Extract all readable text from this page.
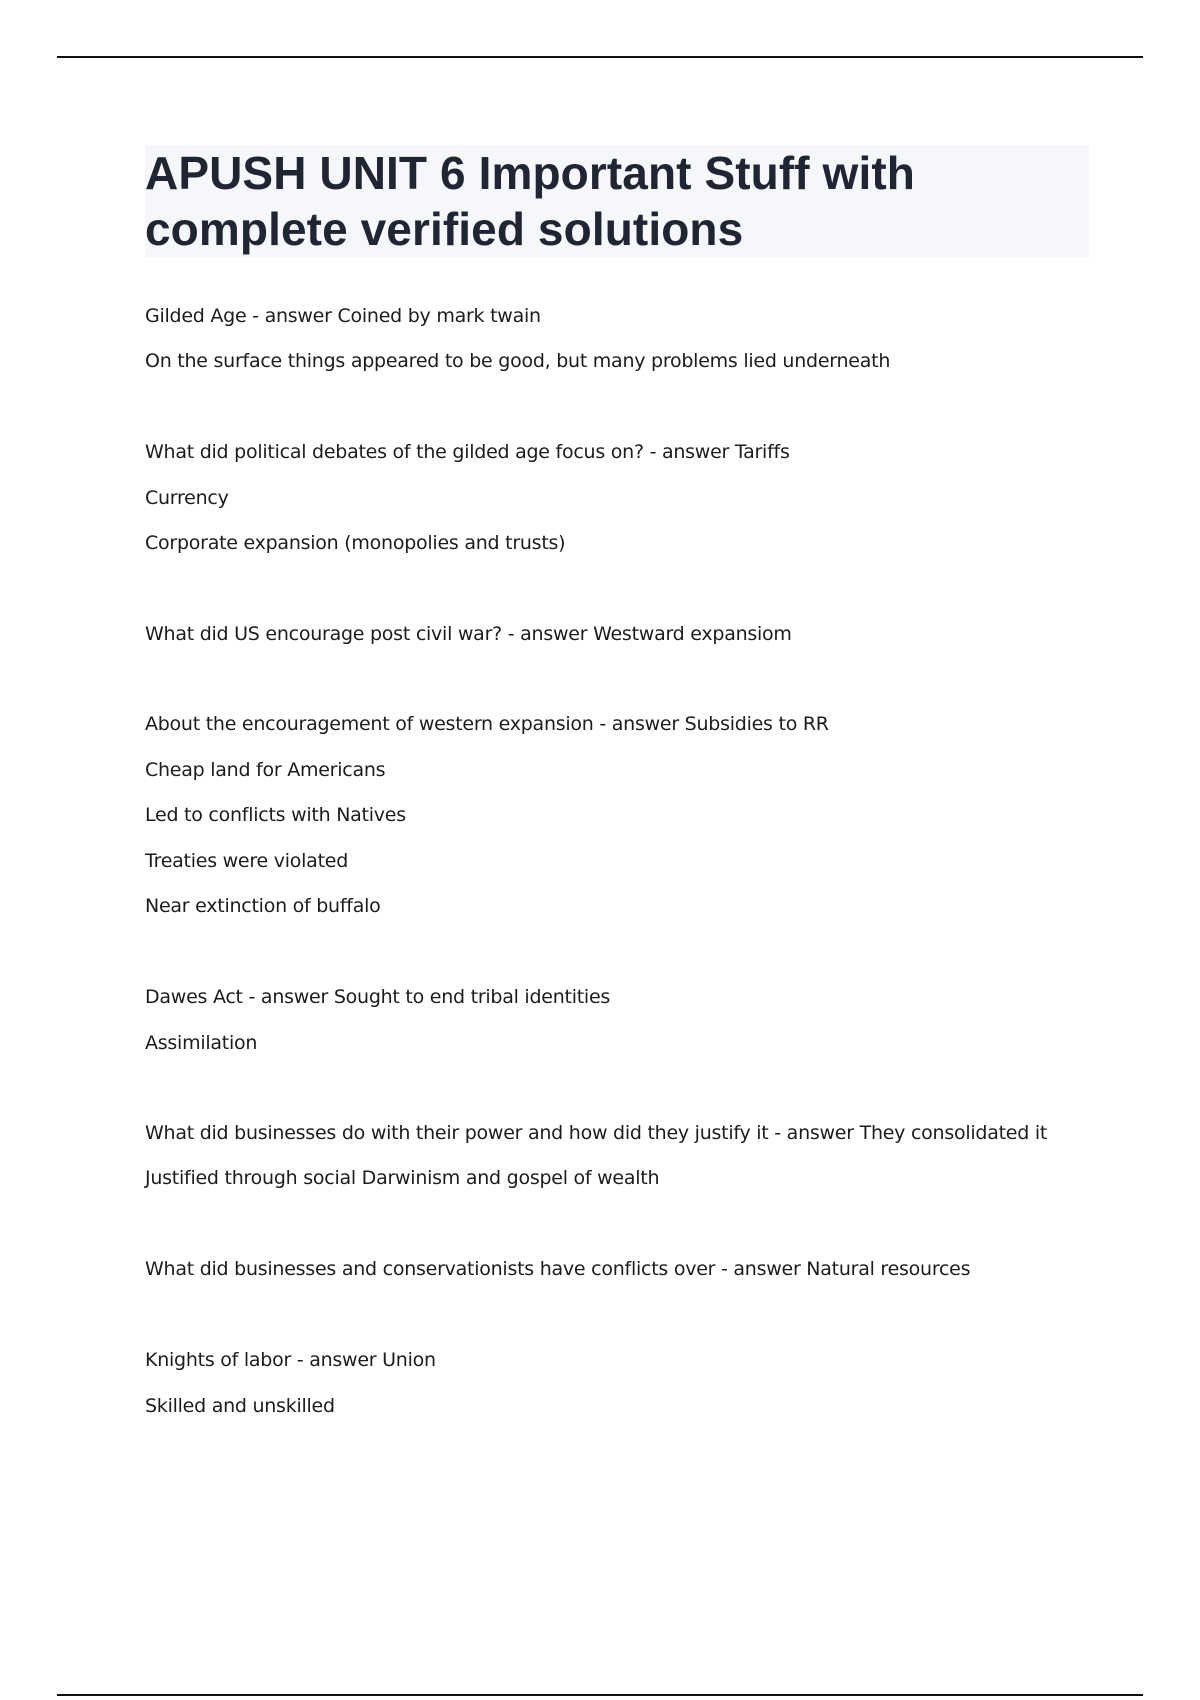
APUSH UNIT 6 Important Stuff with complete verified solutions
Gilded Age - answer Coined by mark twain
On the surface things appeared to be good, but many problems lied underneath
What did political debates of the gilded age focus on? - answer Tariffs
Currency
Corporate expansion (monopolies and trusts)
What did US encourage post civil war? - answer Westward expansiom
About the encouragement of western expansion - answer Subsidies to RR
Cheap land for Americans
Led to conflicts with Natives
Treaties were violated
Near extinction of buffalo
Dawes Act - answer Sought to end tribal identities
Assimilation
What did businesses do with their power and how did they justify it - answer They consolidated it
Justified through social Darwinism and gospel of wealth
What did businesses and conservationists have conflicts over - answer Natural resources
Knights of labor - answer Union
Skilled and unskilled
